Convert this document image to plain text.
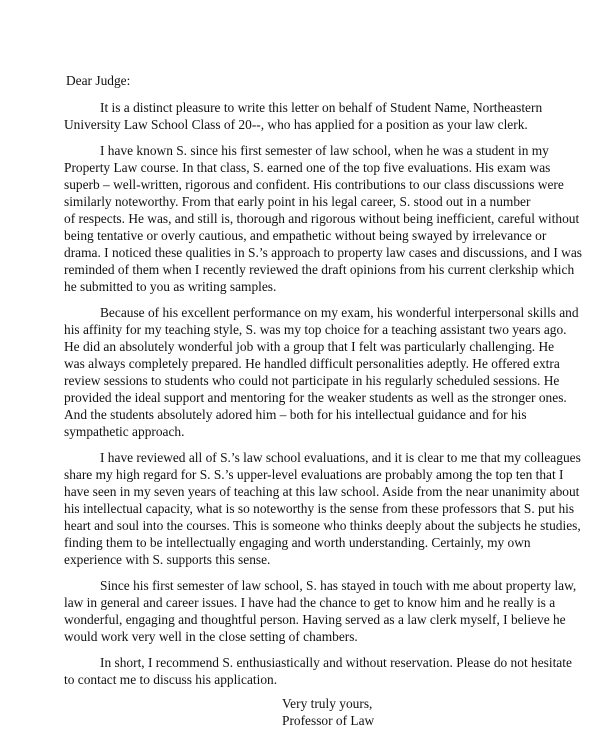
Dear Judge:
It is a distinct pleasure to write this letter on behalf of Student Name, Northeastern
University Law School Class of 20--, who has applied for a position as your law clerk.
I have known S. since his first semester of law school, when he was a student in my
Property Law course. In that class, S. earned one of the top five evaluations. His exam was
superb – well-written, rigorous and confident. His contributions to our class discussions were
similarly noteworthy. From that early point in his legal career, S. stood out in a number
of respects. He was, and still is, thorough and rigorous without being inefficient, careful without
being tentative or overly cautious, and empathetic without being swayed by irrelevance or
drama. I noticed these qualities in S.’s approach to property law cases and discussions, and I was
reminded of them when I recently reviewed the draft opinions from his current clerkship which
he submitted to you as writing samples.
Because of his excellent performance on my exam, his wonderful interpersonal skills and
his affinity for my teaching style, S. was my top choice for a teaching assistant two years ago.
He did an absolutely wonderful job with a group that I felt was particularly challenging. He
was always completely prepared. He handled difficult personalities adeptly. He offered extra
review sessions to students who could not participate in his regularly scheduled sessions. He
provided the ideal support and mentoring for the weaker students as well as the stronger ones.
And the students absolutely adored him – both for his intellectual guidance and for his
sympathetic approach.
I have reviewed all of S.’s law school evaluations, and it is clear to me that my colleagues
share my high regard for S. S.’s upper-level evaluations are probably among the top ten that I
have seen in my seven years of teaching at this law school. Aside from the near unanimity about
his intellectual capacity, what is so noteworthy is the sense from these professors that S. put his
heart and soul into the courses. This is someone who thinks deeply about the subjects he studies,
finding them to be intellectually engaging and worth understanding. Certainly, my own
experience with S. supports this sense.
Since his first semester of law school, S. has stayed in touch with me about property law,
law in general and career issues. I have had the chance to get to know him and he really is a
wonderful, engaging and thoughtful person. Having served as a law clerk myself, I believe he
would work very well in the close setting of chambers.
In short, I recommend S. enthusiastically and without reservation. Please do not hesitate
to contact me to discuss his application.
Very truly yours,
Professor of Law
